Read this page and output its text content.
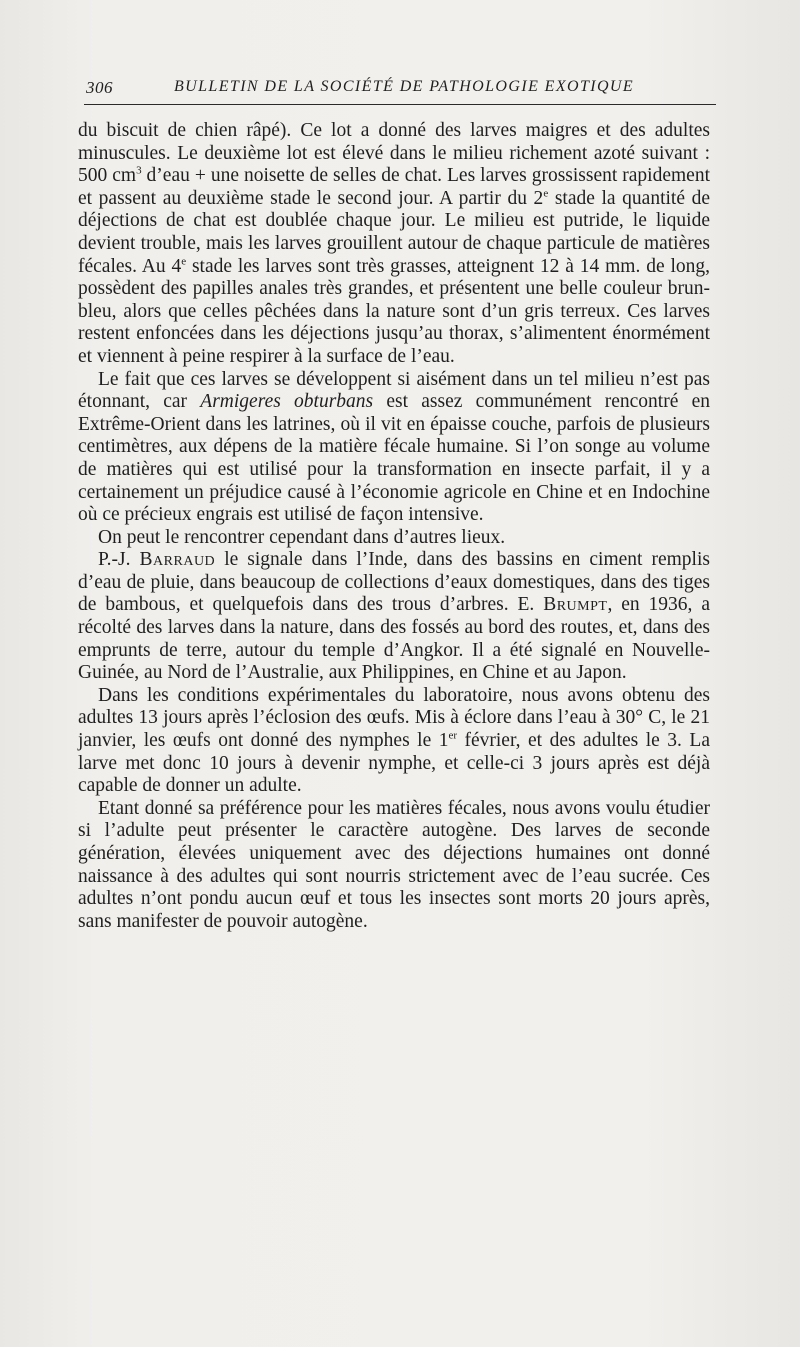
306	BULLETIN DE LA SOCIÉTÉ DE PATHOLOGIE EXOTIQUE

du biscuit de chien râpé). Ce lot a donné des larves maigres et des adultes minuscules. Le deuxième lot est élevé dans le milieu richement azoté suivant : 500 $cm^3$ d’eau + une noisette de selles de chat. Les larves grossissent rapidement et passent au deuxième stade le second jour. A partir du 2e stade la quantité de déjections de chat est doublée chaque jour. Le milieu est putride, le liquide devient trouble, mais les larves grouillent autour de chaque particule de matières fécales. Au 4e stade les larves sont très grasses, atteignent 12 à 14 mm. de long, possèdent des papilles anales très grandes, et présentent une belle couleur brun-bleu, alors que celles pêchées dans la nature sont d’un gris terreux. Ces larves restent enfoncées dans les déjections jusqu’au thorax, s’alimentent énormément et viennent à peine respirer à la surface de l’eau.

Le fait que ces larves se développent si aisément dans un tel milieu n’est pas étonnant, car Armigeres obturbans est assez communément rencontré en Extrême-Orient dans les latrines, où il vit en épaisse couche, parfois de plusieurs centimètres, aux dépens de la matière fécale humaine. Si l’on songe au volume de matières qui est utilisé pour la transformation en insecte parfait, il y a certainement un préjudice causé à l’économie agricole en Chine et en Indochine où ce précieux engrais est utilisé de façon intensive.

On peut le rencontrer cependant dans d’autres lieux.

P.-J. Barraud le signale dans l’Inde, dans des bassins en ciment remplis d’eau de pluie, dans beaucoup de collections d’eaux domestiques, dans des tiges de bambous, et quelquefois dans des trous d’arbres. E. Brumpt, en 1936, a récolté des larves dans la nature, dans des fossés au bord des routes, et, dans des emprunts de terre, autour du temple d’Angkor. Il a été signalé en Nouvelle-Guinée, au Nord de l’Australie, aux Philippines, en Chine et au Japon.

Dans les conditions expérimentales du laboratoire, nous avons obtenu des adultes 13 jours après l’éclosion des œufs. Mis à éclore dans l’eau à 30° C, le 21 janvier, les œufs ont donné des nymphes le 1er février, et des adultes le 3. La larve met donc 10 jours à devenir nymphe, et celle-ci 3 jours après est déjà capable de donner un adulte.

Etant donné sa préférence pour les matières fécales, nous avons voulu étudier si l’adulte peut présenter le caractère autogène. Des larves de seconde génération, élevées uniquement avec des déjections humaines ont donné naissance à des adultes qui sont nourris strictement avec de l’eau sucrée. Ces adultes n’ont pondu aucun œuf et tous les insectes sont morts 20 jours après, sans manifester de pouvoir autogène.
